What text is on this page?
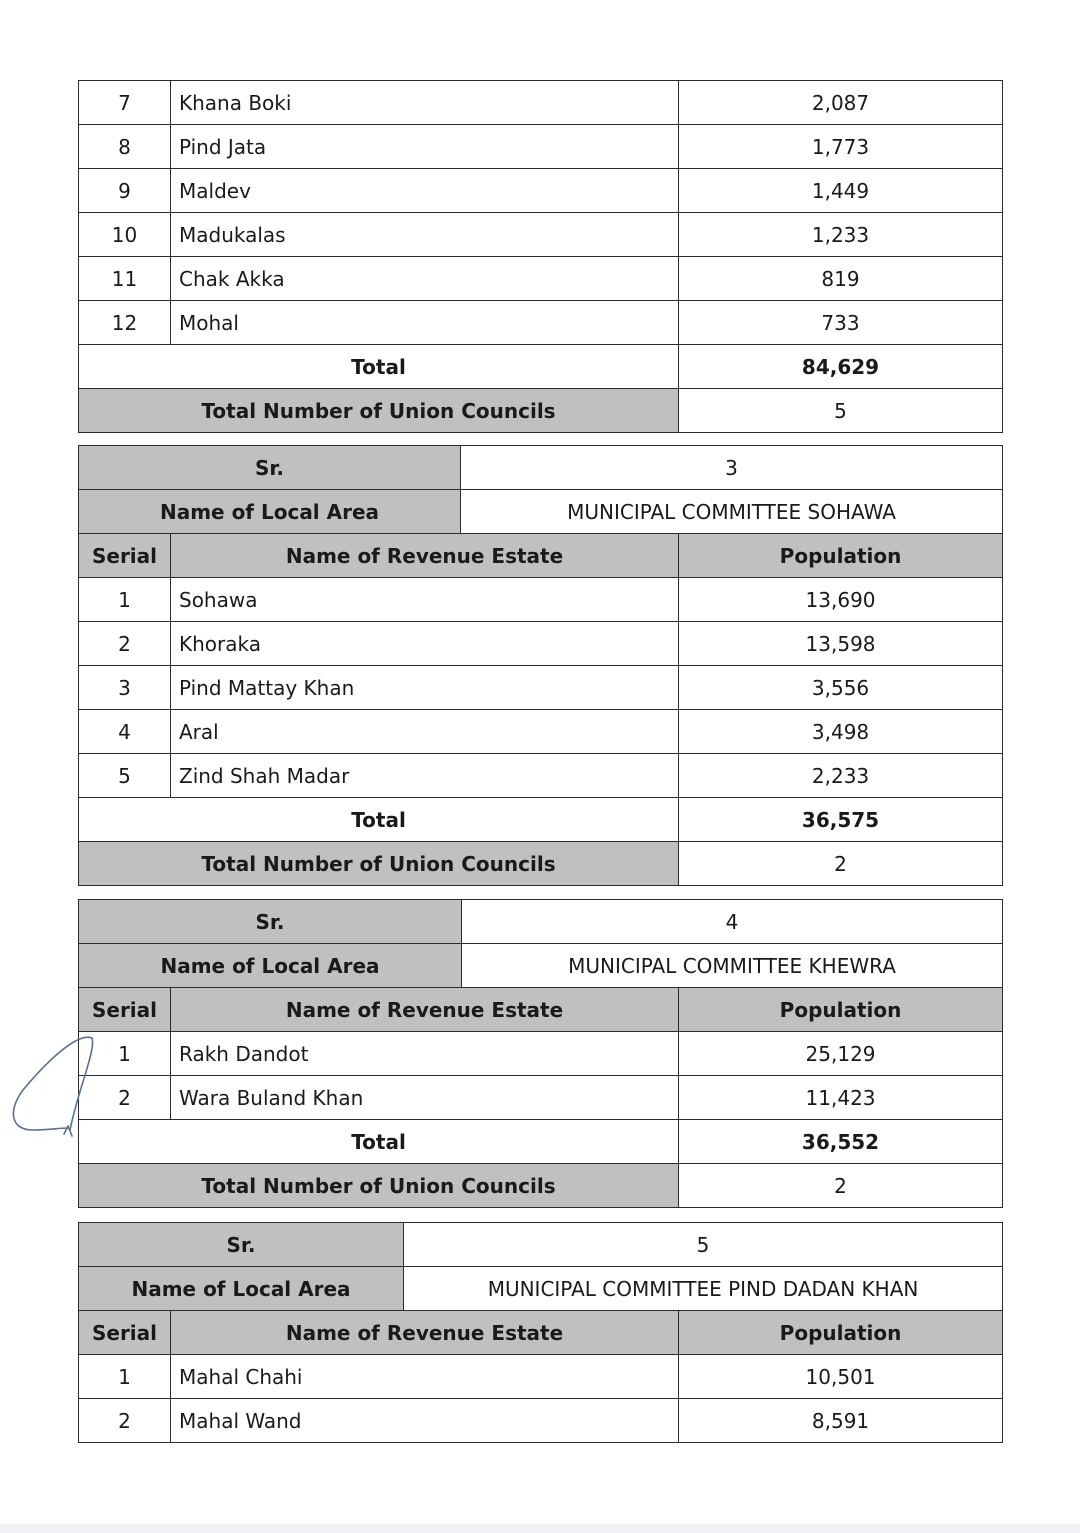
7	Khana Boki	2,087
8	Pind Jata	1,773
9	Maldev	1,449
10	Madukalas	1,233
11	Chak Akka	819
12	Mohal	733
Total		84,629
Total Number of Union Councils		5
Sr.		3	
Name of Local Area		MUNICIPAL COMMITTEE SOHAWA	
Serial	Name of Revenue Estate		Population
1	Sohawa		13,690
2	Khoraka		13,598
3	Pind Mattay Khan		3,556
4	Aral		3,498
5	Zind Shah Madar		2,233
Total			36,575
Total Number of Union Councils			2
Sr.		4	
Name of Local Area		MUNICIPAL COMMITTEE KHEWRA	
Serial	Name of Revenue Estate		Population
1	Rakh Dandot		25,129
2	Wara Buland Khan		11,423
Total			36,552
Total Number of Union Councils			2
Sr.		5	
Name of Local Area		MUNICIPAL COMMITTEE PIND DADAN KHAN	
Serial	Name of Revenue Estate		Population
1	Mahal Chahi		10,501
2	Mahal Wand		8,591
